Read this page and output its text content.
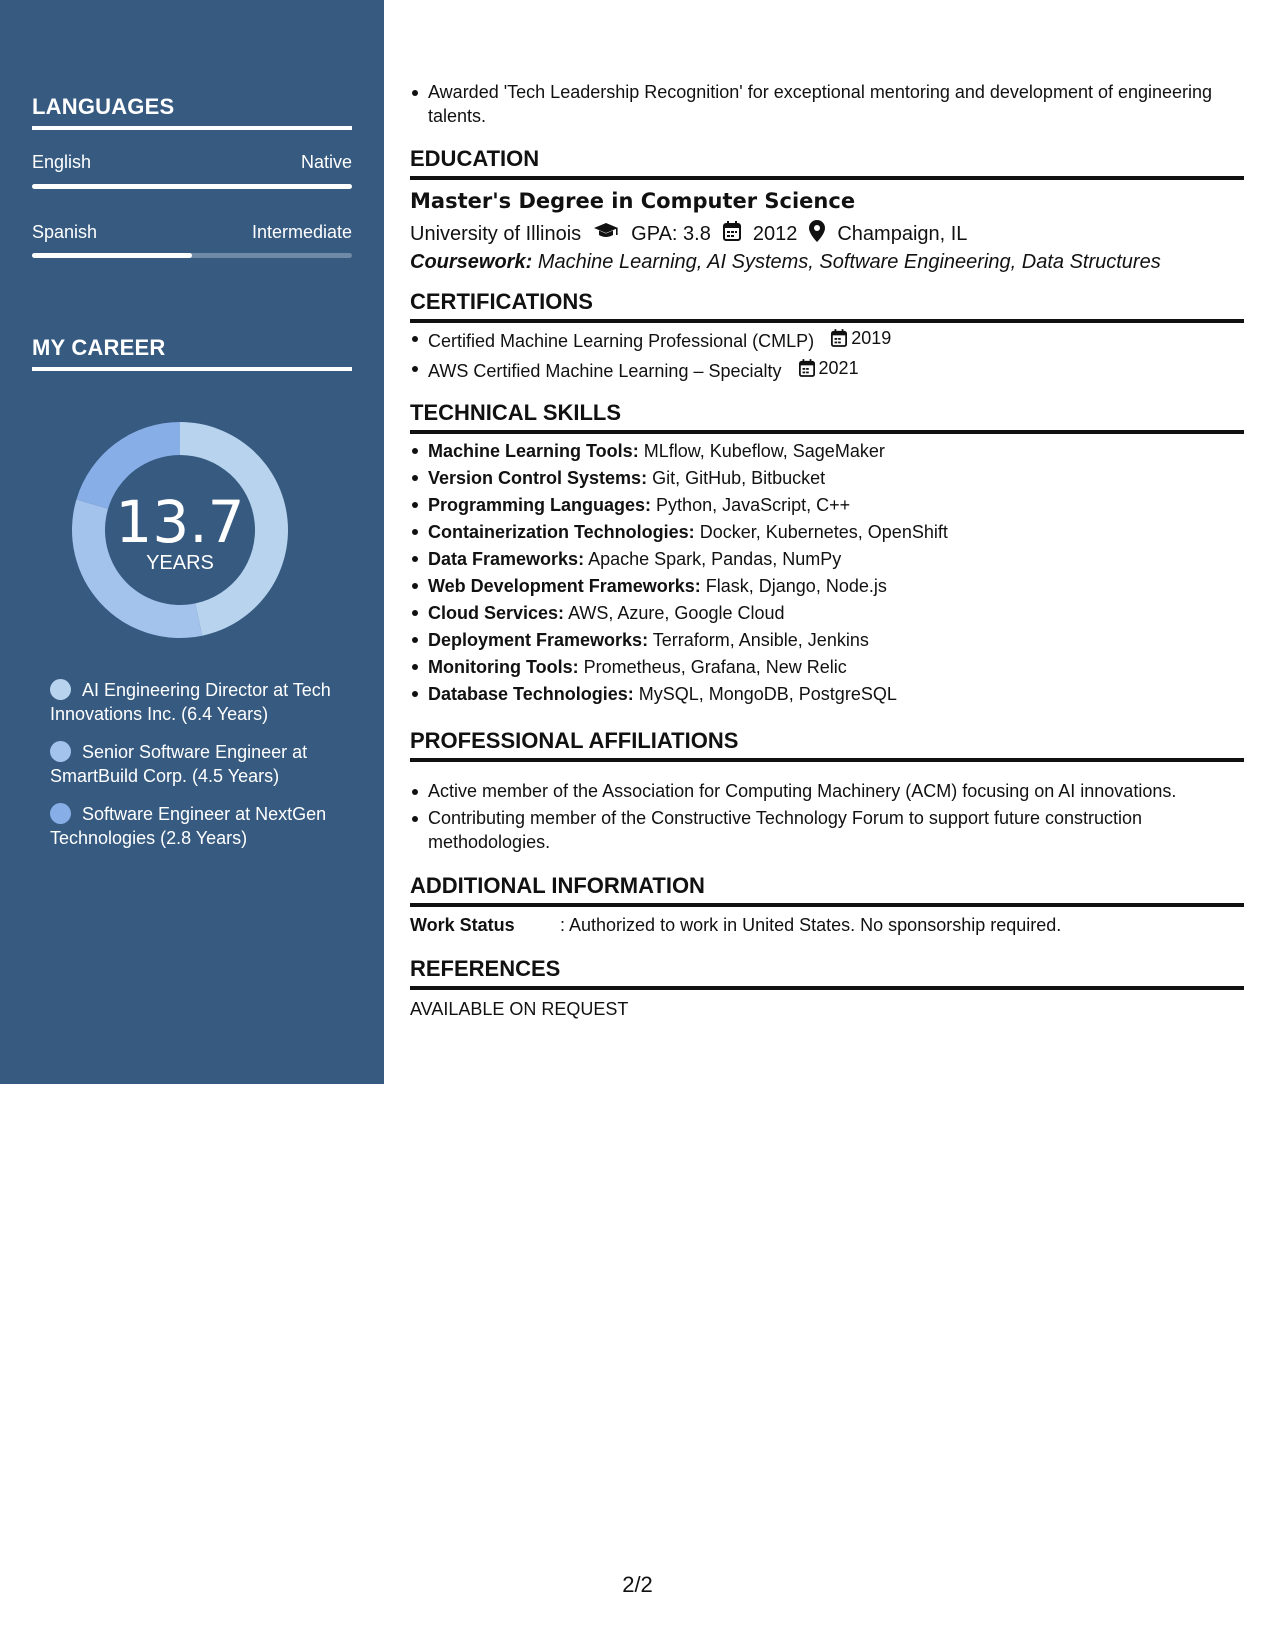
LANGUAGES
English	Native
Spanish	Intermediate
MY CAREER
13.7
YEARS
AI Engineering Director at Tech Innovations Inc. (6.4 Years)
Senior Software Engineer at SmartBuild Corp. (4.5 Years)
Software Engineer at NextGen Technologies (2.8 Years)
Awarded 'Tech Leadership Recognition' for exceptional mentoring and development of engineering talents.
EDUCATION
Master's Degree in Computer Science
University of Illinois	GPA: 3.8 2012 Champaign, IL
Coursework: Machine Learning, AI Systems, Software Engineering, Data Structures
CERTIFICATIONS
Certified Machine Learning Professional (CMLP) 2019
AWS Certified Machine Learning – Specialty 2021
TECHNICAL SKILLS
Machine Learning Tools: MLflow, Kubeflow, SageMaker
Version Control Systems: Git, GitHub, Bitbucket
Programming Languages: Python, JavaScript, C++
Containerization Technologies: Docker, Kubernetes, OpenShift
Data Frameworks: Apache Spark, Pandas, NumPy
Web Development Frameworks: Flask, Django, Node.js
Cloud Services: AWS, Azure, Google Cloud
Deployment Frameworks: Terraform, Ansible, Jenkins
Monitoring Tools: Prometheus, Grafana, New Relic
Database Technologies: MySQL, MongoDB, PostgreSQL
PROFESSIONAL AFFILIATIONS
Active member of the Association for Computing Machinery (ACM) focusing on AI innovations.
Contributing member of the Constructive Technology Forum to support future construction methodologies.
ADDITIONAL INFORMATION
Work Status	: Authorized to work in United States. No sponsorship required.
REFERENCES
AVAILABLE ON REQUEST
2/2
